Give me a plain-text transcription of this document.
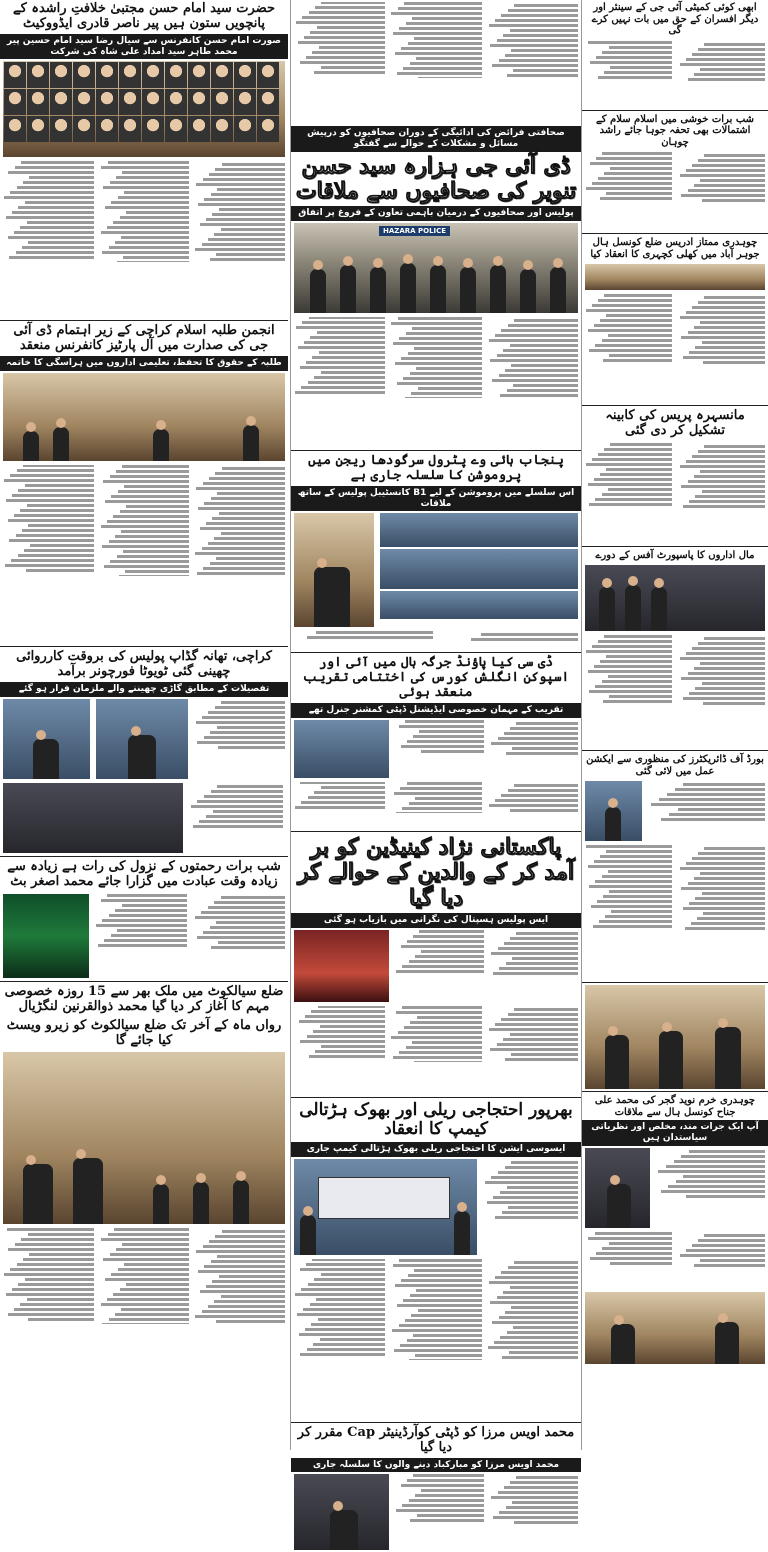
حضرت سید امام حسن مجتبیٰ خلافتِ راشدہ کے پانچویں ستون ہیں پیر ناصر قادری ایڈووکیٹ
صورت امام حسن کانفرنس سے سیال رضا سید امام حسین پیر محمد طاہر سید امداد علی شاہ کی شرکت
انجمن طلبہ اسلام کراچی کے زیر اہتمام ڈی آئی جی کی صدارت میں آل پارٹیز کانفرنس منعقد
طلبہ کے حقوق کا تحفظ، تعلیمی اداروں میں ہراسگی کا خاتمہ
کراچی، تھانہ گڈاپ پولیس کی بروقت کارروائی چھینی گئی ٹویوٹا فورچونر برآمد
تفصیلات کے مطابق گاڑی چھیننے والے ملزمان فرار ہو گئے
شب برات رحمتوں کے نزول کی رات ہے زیادہ سے زیادہ وقت عبادت میں گزارا جائے محمد اصغر بٹ
ضلع سیالکوٹ میں ملک بھر سے 15 روزہ خصوصی مہم کا آغاز کر دیا گیا محمد ذوالقرنین لنگڑیال
رواں ماہ کے آخر تک ضلع سیالکوٹ کو زیرو ویسٹ کیا جائے گا
صحافتی فرائض کی ادائیگی کے دوران صحافیوں کو درپیش مسائل و مشکلات کے حوالے سے گفتگو
ڈی آئی جی ہزارہ سید حسن تنویر کی صحافیوں سے ملاقات
پولیس اور صحافیوں کے درمیان باہمی تعاون کے فروغ پر اتفاق
HAZARA POLICE
پنجاب ہائی وے پٹرول سرگودھا ریجن میں پروموشن کا سلسلہ جاری ہے
اس سلسلے میں پروموشن کے لیے B1 کانسٹیبل پولیس کے ساتھ ملاقات
ڈی سی کیا پاؤنڈ جرگہ ہال میں آئی اور اسپوکن انگلش کورس کی اختتامی تقریب منعقد ہوئی
تقریب کے مہمان خصوصی ایڈیشنل ڈپٹی کمشنر جنرل تھے
پاکستانی نژاد کینیڈین کو بر آمد کر کے والدین کے حوالے کر دیا گیا
ایس پولیس ہسپتال کی نگرانی میں بازیاب ہو گئی
بھرپور احتجاجی ریلی اور بھوک ہڑتالی کیمپ کا انعقاد
ایسوسی ایشن کا احتجاجی ریلی بھوک ہڑتالی کیمپ جاری
محمد اویس مرزا کو ڈپٹی کوآرڈینیٹر Cap مقرر کر دیا گیا
محمد اویس مرزا کو مبارکباد دینے والوں کا سلسلہ جاری
ابھی کوئی کمیٹی آئی جی کے سینئر اور دیگر افسران کے حق میں بات نہیں کرے گی
شب برات خوشی میں اسلام سلام کے اشتمالات بھی تحفہ جوہا جائے راشد چوہان
چوہدری ممتاز ادریس ضلع کونسل ہال جوہر آباد میں کھلی کچہری کا انعقاد کیا
مانسہرہ پریس کی کابینہ تشکیل کر دی گئی
مال اداروں کا پاسپورٹ آفس کے دورے
بورڈ آف ڈائریکٹرز کی منظوری سے ایکشن عمل میں لائی گئی
چوہدری خرم نوید گجر کی محمد علی جناح کونسل ہال سے ملاقات
آپ ایک جرات مند، مخلص اور نظریاتی سیاستدان ہیں
